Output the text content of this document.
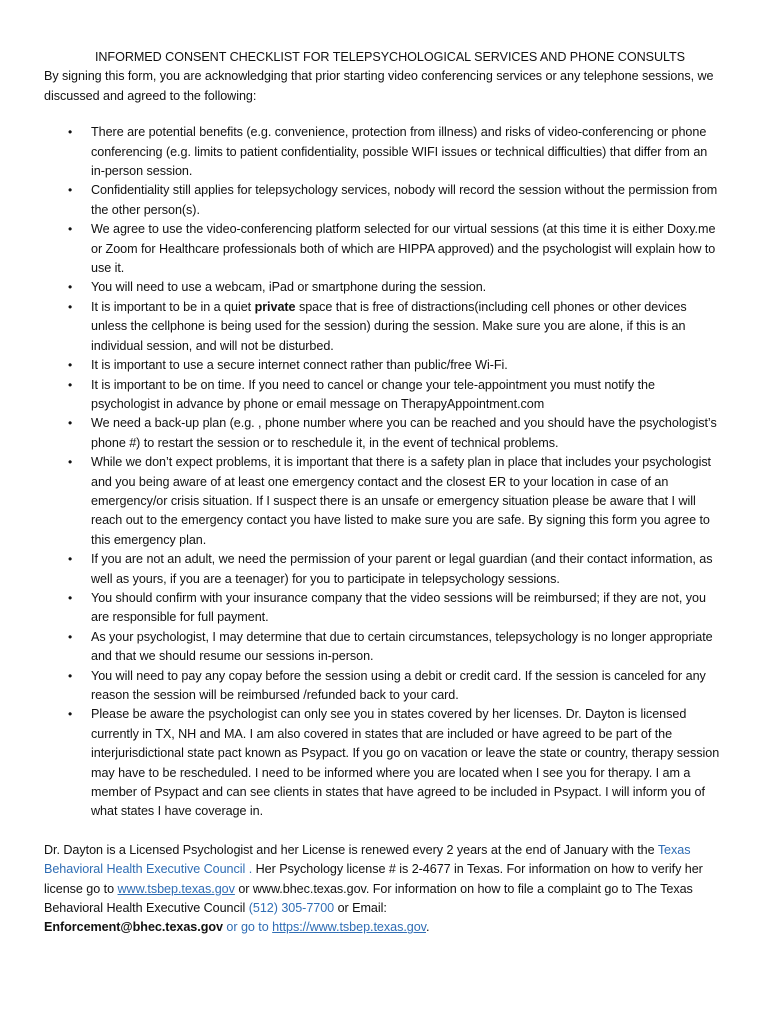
INFORMED CONSENT CHECKLIST FOR TELEPSYCHOLOGICAL SERVICES AND PHONE CONSULTS

By signing this form, you are acknowledging that prior starting video conferencing services or any telephone sessions, we discussed and agreed to the following:

• There are potential benefits (e.g. convenience, protection from illness) and risks of video-conferencing or phone conferencing (e.g. limits to patient confidentiality, possible WIFI issues or technical difficulties) that differ from an in-person session.
• Confidentiality still applies for telepsychology services, nobody will record the session without the permission from the other person(s).
• We agree to use the video-conferencing platform selected for our virtual sessions (at this time it is either Doxy.me or Zoom for Healthcare professionals both of which are HIPPA approved) and the psychologist will explain how to use it.
• You will need to use a webcam, iPad or smartphone during the session.
• It is important to be in a quiet private space that is free of distractions(including cell phones or other devices unless the cellphone is being used for the session) during the session. Make sure you are alone, if this is an individual session, and will not be disturbed.
• It is important to use a secure internet connect rather than public/free Wi-Fi.
• It is important to be on time. If you need to cancel or change your tele-appointment you must notify the psychologist in advance by phone or email message on TherapyAppointment.com
• We need a back-up plan (e.g. , phone number where you can be reached and you should have the psychologist’s phone #) to restart the session or to reschedule it, in the event of technical problems.
• While we don’t expect problems, it is important that there is a safety plan in place that includes your psychologist and you being aware of at least one emergency contact and the closest ER to your location in case of an emergency/or crisis situation. If I suspect there is an unsafe or emergency situation please be aware that I will reach out to the emergency contact you have listed to make sure you are safe. By signing this form you agree to this emergency plan.
• If you are not an adult, we need the permission of your parent or legal guardian (and their contact information, as well as yours, if you are a teenager) for you to participate in telepsychology sessions.
• You should confirm with your insurance company that the video sessions will be reimbursed; if they are not, you are responsible for full payment.
• As your psychologist, I may determine that due to certain circumstances, telepsychology is no longer appropriate and that we should resume our sessions in-person.
• You will need to pay any copay before the session using a debit or credit card. If the session is canceled for any reason the session will be reimbursed /refunded back to your card.
• Please be aware the psychologist can only see you in states covered by her licenses. Dr. Dayton is licensed currently in TX, NH and MA. I am also covered in states that are included or have agreed to be part of the interjurisdictional state pact known as Psypact. If you go on vacation or leave the state or country, therapy session may have to be rescheduled. I need to be informed where you are located when I see you for therapy. I am a member of Psypact and can see clients in states that have agreed to be included in Psypact. I will inform you of what states I have coverage in.

Dr. Dayton is a Licensed Psychologist and her License is renewed every 2 years at the end of January with the Texas Behavioral Health Executive Council . Her Psychology license # is 2-4677 in Texas. For information on how to verify her license go to www.tsbep.texas.gov or www.bhec.texas.gov. For information on how to file a complaint go to The Texas Behavioral Health Executive Council (512) 305-7700 or Email:
Enforcement@bhec.texas.gov or go to https://www.tsbep.texas.gov.
